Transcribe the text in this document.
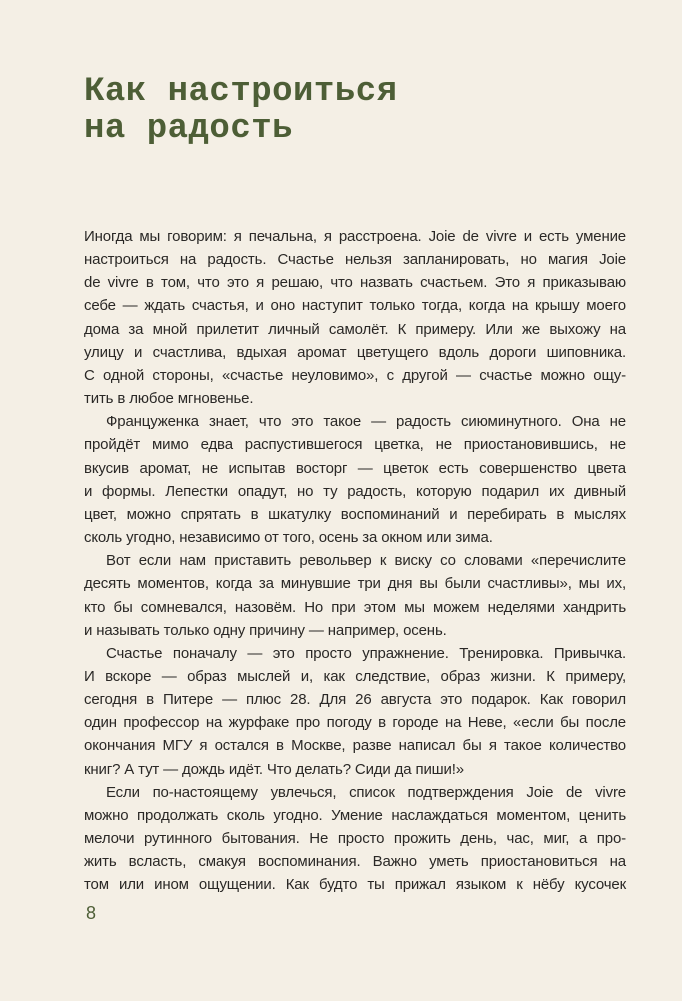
Как настроиться
на радость
Иногда мы говорим: я печальна, я расстроена. Joie de vivre и есть умение
настроиться на радость. Счастье нельзя запланировать, но магия Joie
de vivre в том, что это я решаю, что назвать счастьем. Это я приказываю
себе — ждать счастья, и оно наступит только тогда, когда на крышу моего
дома за мной прилетит личный самолёт. К примеру. Или же выхожу на
улицу и счастлива, вдыхая аромат цветущего вдоль дороги шиповника.
С одной стороны, «счастье неуловимо», с другой — счастье можно ощу-
тить в любое мгновенье.
Француженка знает, что это такое — радость сиюминутного. Она не
пройдёт мимо едва распустившегося цветка, не приостановившись, не
вкусив аромат, не испытав восторг — цветок есть совершенство цвета
и формы. Лепестки опадут, но ту радость, которую подарил их дивный
цвет, можно спрятать в шкатулку воспоминаний и перебирать в мыслях
сколь угодно, независимо от того, осень за окном или зима.
Вот если нам приставить револьвер к виску со словами «перечислите
десять моментов, когда за минувшие три дня вы были счастливы», мы их,
кто бы сомневался, назовём. Но при этом мы можем неделями хандрить
и называть только одну причину — например, осень.
Счастье поначалу — это просто упражнение. Тренировка. Привычка.
И вскоре — образ мыслей и, как следствие, образ жизни. К примеру,
сегодня в Питере — плюс 28. Для 26 августа это подарок. Как говорил
один профессор на журфаке про погоду в городе на Неве, «если бы после
окончания МГУ я остался в Москве, разве написал бы я такое количество
книг? А тут — дождь идёт. Что делать? Сиди да пиши!»
Если по-настоящему увлечься, список подтверждения Joie de vivre
можно продолжать сколь угодно. Умение наслаждаться моментом, ценить
мелочи рутинного бытования. Не просто прожить день, час, миг, а про-
жить всласть, смакуя воспоминания. Важно уметь приостановиться на
том или ином ощущении. Как будто ты прижал языком к нёбу кусочек
8
